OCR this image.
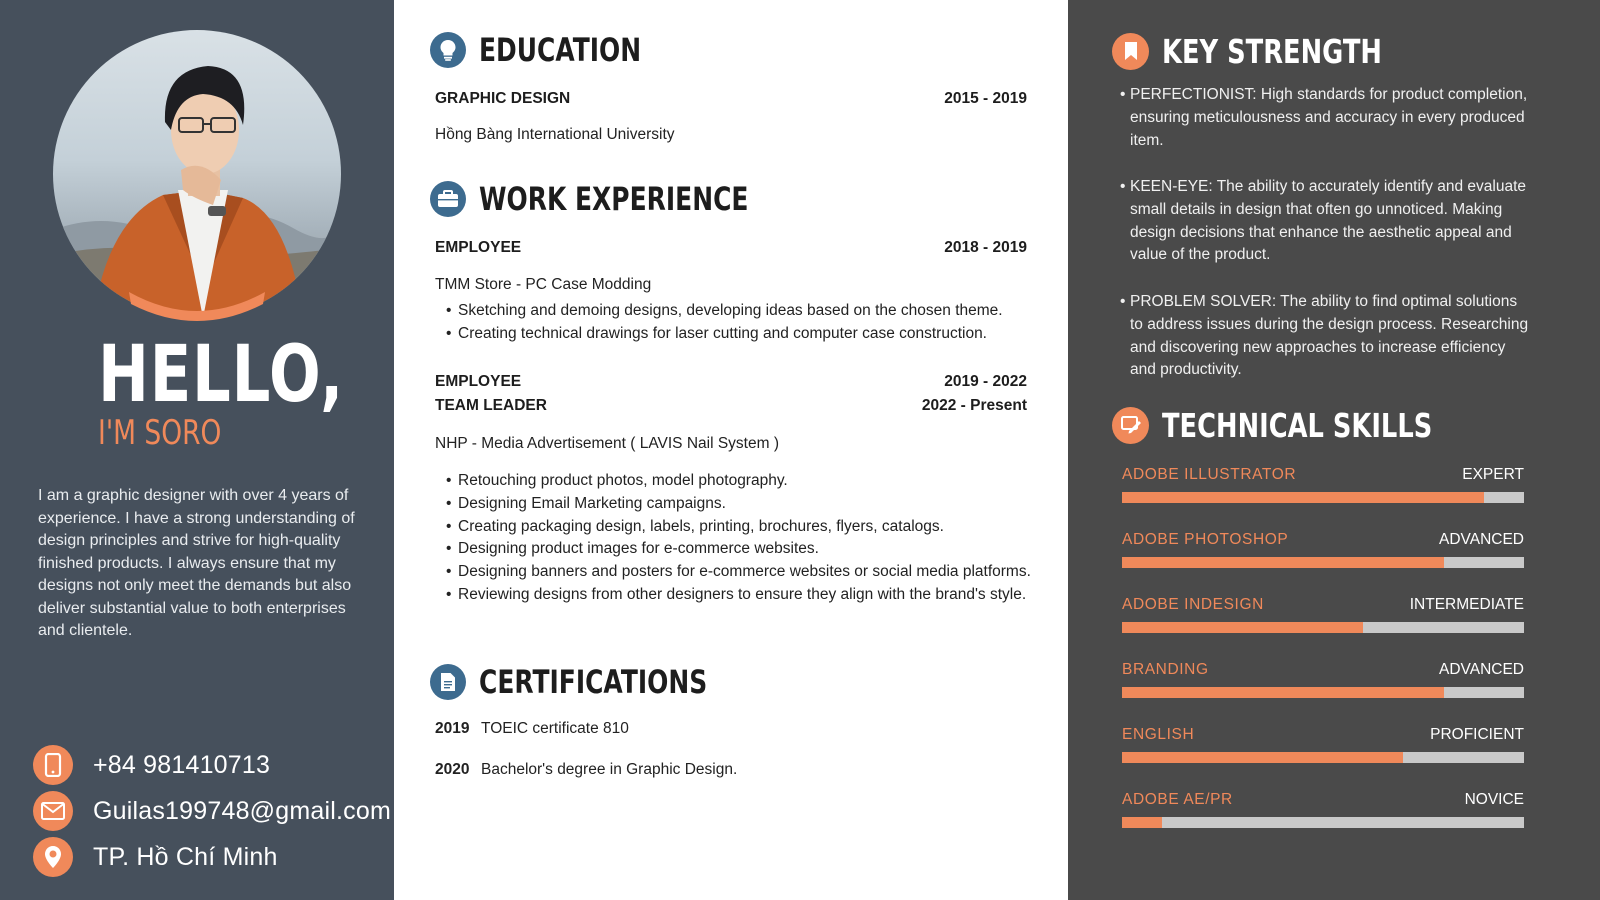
HELLO,
I'M SORO
I am a graphic designer with over 4 years of experience. I have a strong understanding of design principles and strive for high-quality finished products. I always ensure that my designs not only meet the demands but also deliver substantial value to both enterprises and clientele.
+84 981410713
Guilas199748@gmail.com
TP. Hồ Chí Minh
EDUCATION
GRAPHIC DESIGN	2015 - 2019
Hồng Bàng International University
WORK EXPERIENCE
EMPLOYEE	2018 - 2019
TMM Store - PC Case Modding
• Sketching and demoing designs, developing ideas based on the chosen theme.
• Creating technical drawings for laser cutting and computer case construction.
EMPLOYEE	2019 - 2022
TEAM LEADER	2022 - Present
NHP - Media Advertisement ( LAVIS Nail System )
• Retouching product photos, model photography.
• Designing Email Marketing campaigns.
• Creating packaging design, labels, printing, brochures, flyers, catalogs.
• Designing product images for e-commerce websites.
• Designing banners and posters for e-commerce websites or social media platforms.
• Reviewing designs from other designers to ensure they align with the brand's style.
CERTIFICATIONS
2019 TOEIC certificate 810
2020 Bachelor's degree in Graphic Design.
KEY STRENGTH
• PERFECTIONIST: High standards for product completion, ensuring meticulousness and accuracy in every produced item.
• KEEN-EYE: The ability to accurately identify and evaluate small details in design that often go unnoticed. Making design decisions that enhance the aesthetic appeal and value of the product.
• PROBLEM SOLVER: The ability to find optimal solutions to address issues during the design process. Researching and discovering new approaches to increase efficiency and productivity.
TECHNICAL SKILLS
ADOBE ILLUSTRATOR	EXPERT
ADOBE PHOTOSHOP	ADVANCED
ADOBE INDESIGN	INTERMEDIATE
BRANDING	ADVANCED
ENGLISH	PROFICIENT
ADOBE AE/PR	NOVICE
